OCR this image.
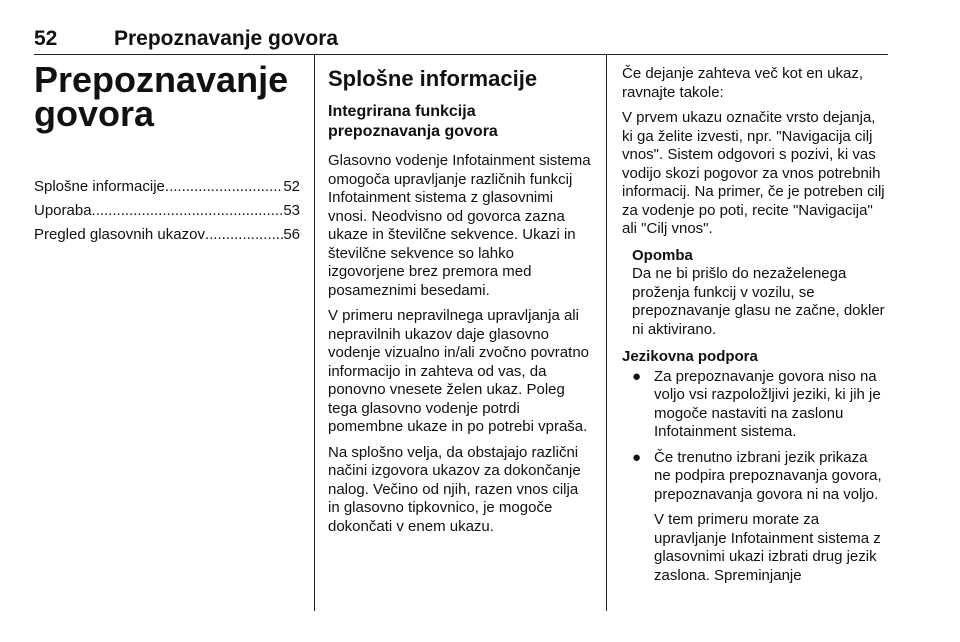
52	Prepoznavanje govora
Prepoznavanje
govora
Splošne informacije .....	52
Uporaba .....	53
Pregled glasovnih ukazov .....	56
Splošne informacije
Integrirana funkcija
prepoznavanja govora

Glasovno vodenje Infotainment sistema omogoča upravljanje različnih funkcij Infotainment sistema z glasovnimi vnosi. Neodvisno od govorca zazna ukaze in številčne sekvence. Ukazi in številčne sekvence so lahko izgovorjene brez premora med posameznimi besedami.

V primeru nepravilnega upravljanja ali nepravilnih ukazov daje glasovno vodenje vizualno in/ali zvočno povratno informacijo in zahteva od vas, da ponovno vnesete želen ukaz. Poleg tega glasovno vodenje potrdi pomembne ukaze in po potrebi vpraša.

Na splošno velja, da obstajajo različni načini izgovora ukazov za dokončanje nalog. Večino od njih, razen vnos cilja in glasovno tipkovnico, je mogoče dokončati v enem ukazu.

Če dejanje zahteva več kot en ukaz, ravnajte takole:

V prvem ukazu označite vrsto dejanja, ki ga želite izvesti, npr. "Navigacija cilj vnos". Sistem odgovori s pozivi, ki vas vodijo skozi pogovor za vnos potrebnih informacij. Na primer, če je potreben cilj za vodenje po poti, recite "Navigacija" ali "Cilj vnos".

Opomba
Da ne bi prišlo do nezaželenega proženja funkcij v vozilu, se prepoznavanje glasu ne začne, dokler ni aktivirano.
Jezikovna podpora
● Za prepoznavanje govora niso na voljo vsi razpoložljivi jeziki, ki jih je mogoče nastaviti na zaslonu Infotainment sistema.
● Če trenutno izbrani jezik prikaza ne podpira prepoznavanja govora, prepoznavanja govora ni na voljo.
V tem primeru morate za upravljanje Infotainment sistema z glasovnimi ukazi izbrati drug jezik zaslona. Spreminjanje
